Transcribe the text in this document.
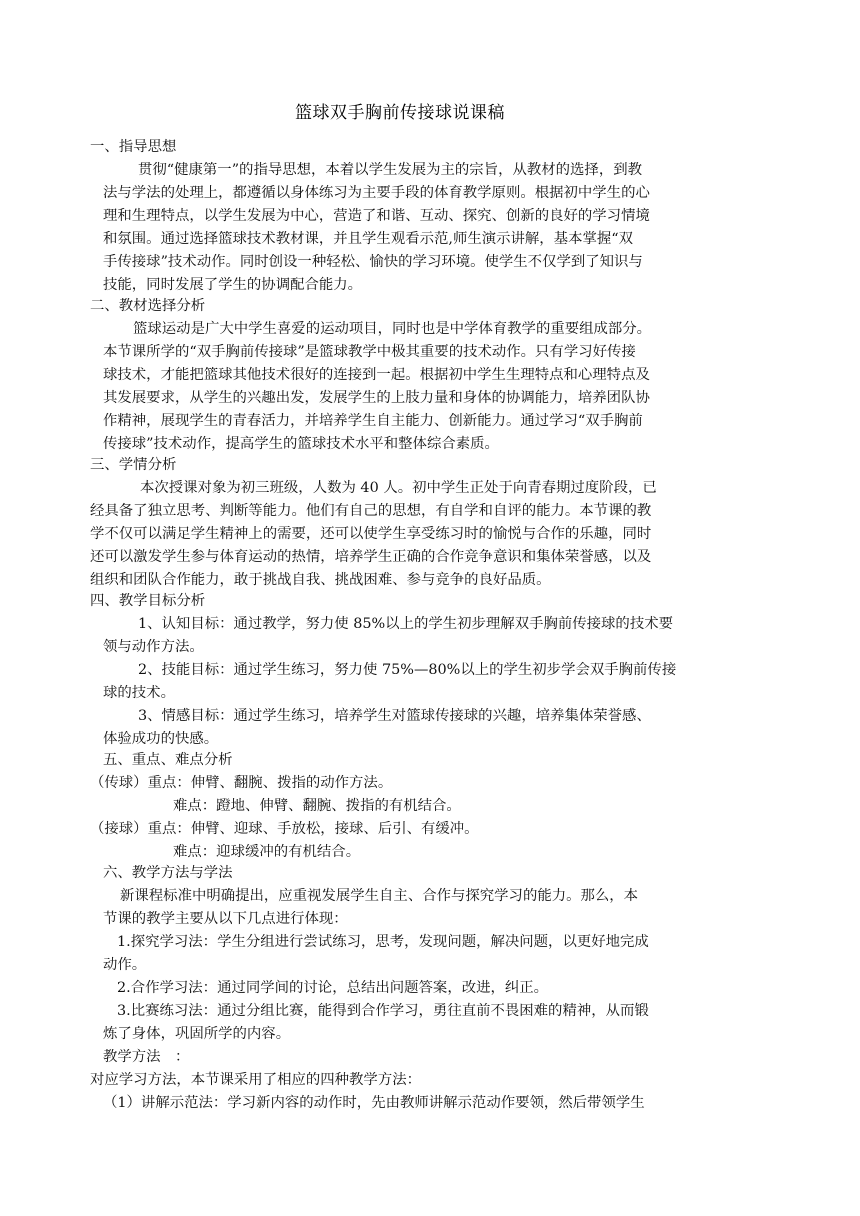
篮球双手胸前传接球说课稿
一、指导思想
贯彻“健康第一”的指导思想，本着以学生发展为主的宗旨，从教材的选择，到教
法与学法的处理上，都遵循以身体练习为主要手段的体育教学原则。根据初中学生的心
理和生理特点，以学生发展为中心，营造了和谐、互动、探究、创新的良好的学习情境
和氛围。通过选择篮球技术教材课，并且学生观看示范,师生演示讲解，基本掌握“双
手传接球”技术动作。同时创设一种轻松、愉快的学习环境。使学生不仅学到了知识与
技能，同时发展了学生的协调配合能力。
二、教材选择分析
篮球运动是广大中学生喜爱的运动项目，同时也是中学体育教学的重要组成部分。
本节课所学的“双手胸前传接球”是篮球教学中极其重要的技术动作。只有学习好传接
球技术，才能把篮球其他技术很好的连接到一起。根据初中学生生理特点和心理特点及
其发展要求，从学生的兴趣出发，发展学生的上肢力量和身体的协调能力，培养团队协
作精神，展现学生的青春活力，并培养学生自主能力、创新能力。通过学习“双手胸前
传接球”技术动作，提高学生的篮球技术水平和整体综合素质。
三、学情分析
本次授课对象为初三班级，人数为 40 人。初中学生正处于向青春期过度阶段，已
经具备了独立思考、判断等能力。他们有自己的思想，有自学和自评的能力。本节课的教
学不仅可以满足学生精神上的需要，还可以使学生享受练习时的愉悦与合作的乐趣，同时
还可以激发学生参与体育运动的热情，培养学生正确的合作竞争意识和集体荣誉感，以及
组织和团队合作能力，敢于挑战自我、挑战困难、参与竞争的良好品质。
四、教学目标分析
1、认知目标：通过教学，努力使 85%以上的学生初步理解双手胸前传接球的技术要
领与动作方法。
2、技能目标：通过学生练习，努力使 75%—80%以上的学生初步学会双手胸前传接
球的技术。
3、情感目标：通过学生练习，培养学生对篮球传接球的兴趣，培养集体荣誉感、
体验成功的快感。
五、重点、难点分析
（传球）重点：伸臂、翻腕、拨指的动作方法。
难点：蹬地、伸臂、翻腕、拨指的有机结合。
（接球）重点：伸臂、迎球、手放松，接球、后引、有缓冲。
难点：迎球缓冲的有机结合。
六、教学方法与学法
新课程标准中明确提出，应重视发展学生自主、合作与探究学习的能力。那么，本
节课的教学主要从以下几点进行体现：
1.探究学习法：学生分组进行尝试练习，思考，发现问题，解决问题，以更好地完成
动作。
2.合作学习法：通过同学间的讨论，总结出问题答案，改进，纠正。
3.比赛练习法：通过分组比赛，能得到合作学习，勇往直前不畏困难的精神，从而锻
炼了身体，巩固所学的内容。
教学方法　：
对应学习方法，本节课采用了相应的四种教学方法：
（1）讲解示范法：学习新内容的动作时，先由教师讲解示范动作要领，然后带领学生
